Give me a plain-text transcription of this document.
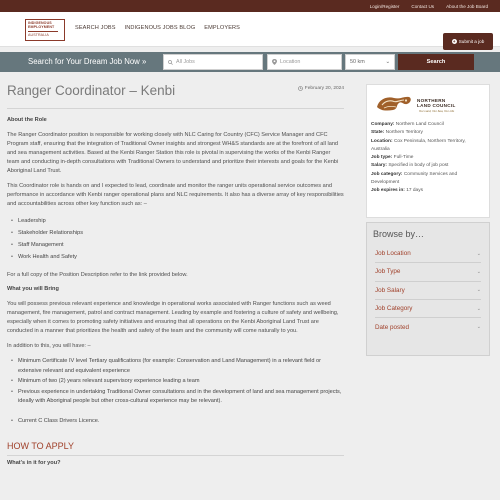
Login/Register	Contact Us	About the Job Board
INDIGENOUS
EMPLOYMENT
AUSTRALIA
SEARCH JOBS INDIGENOUS JOBS BLOG EMPLOYERS
+ Submit a job
Search for Your Dream Job Now »	All Jobs	Location	50 km	⌄	Search
Ranger Coordinator – Kenbi	February 20, 2024
About the Role

The Ranger Coordinator position is responsible for working closely with NLC Caring for Country (CFC) Service Manager and CFC Program staff, ensuring that the integration of Traditional Owner insights and strongest WH&S standards are at the forefront of all land and sea management activities. Based at the Kenbi Ranger Station this role is pivotal in supervising the works of the Kenbi Ranger team and conducting in-depth consultations with Traditional Owners to understand and prioritize their interests and goals for the Kenbi Aboriginal Land Trust.

This Coordinator role is hands on and I expected to lead, coordinate and monitor the ranger units operational service outcomes and performance in accordance with Kenbi ranger operational plans and NLC requirements. It also has a diverse array of key responsibilities and accountabilities across other key function such as: –

• Leadership
• Stakeholder Relationships
• Staff Management
• Work Health and Safety

For a full copy of the Position Description refer to the link provided below.

What you will Bring

You will possess previous relevant experience and knowledge in operational works associated with Ranger functions such as weed management, fire management, patrol and contract management. Leading by example and fostering a culture of safety and wellbeing, especially when it comes to promoting safety initiatives and ensuring that all operations on the Kenbi Aboriginal Land Trust are conducted in a manner that prioritizes the health and safety of the team and the community will come naturally to you.

In addition to this, you will have: –

• Minimum Certificate IV level Tertiary qualifications (for example: Conservation and Land Management) in a relevant field or extensive relevant and equivalent experience
• Minimum of two (2) years relevant supervisory experience leading a team
• Previous experience in undertaking Traditional Owner consultations and in the development of land and sea management projects, ideally with Aboriginal people but other cross-cultural experience may be relevant).
• Current C Class Drivers Licence.
HOW TO APPLY
What's in it for you?
NORTHERN
LAND COUNCIL
Our Land, Our Sea, Our Life
Company: Northern Land Council
State: Northern Territory
Location: Cox Peninsula, Northern Territory, Australia
Job type: Full-Time
Salary: Specified in body of job post
Job category: Community Services and Development
Job expires in: 17 days
Browse by…
Job Location	⌄
Job Type	⌄
Job Salary	⌄
Job Category	⌄
Date posted	⌄
